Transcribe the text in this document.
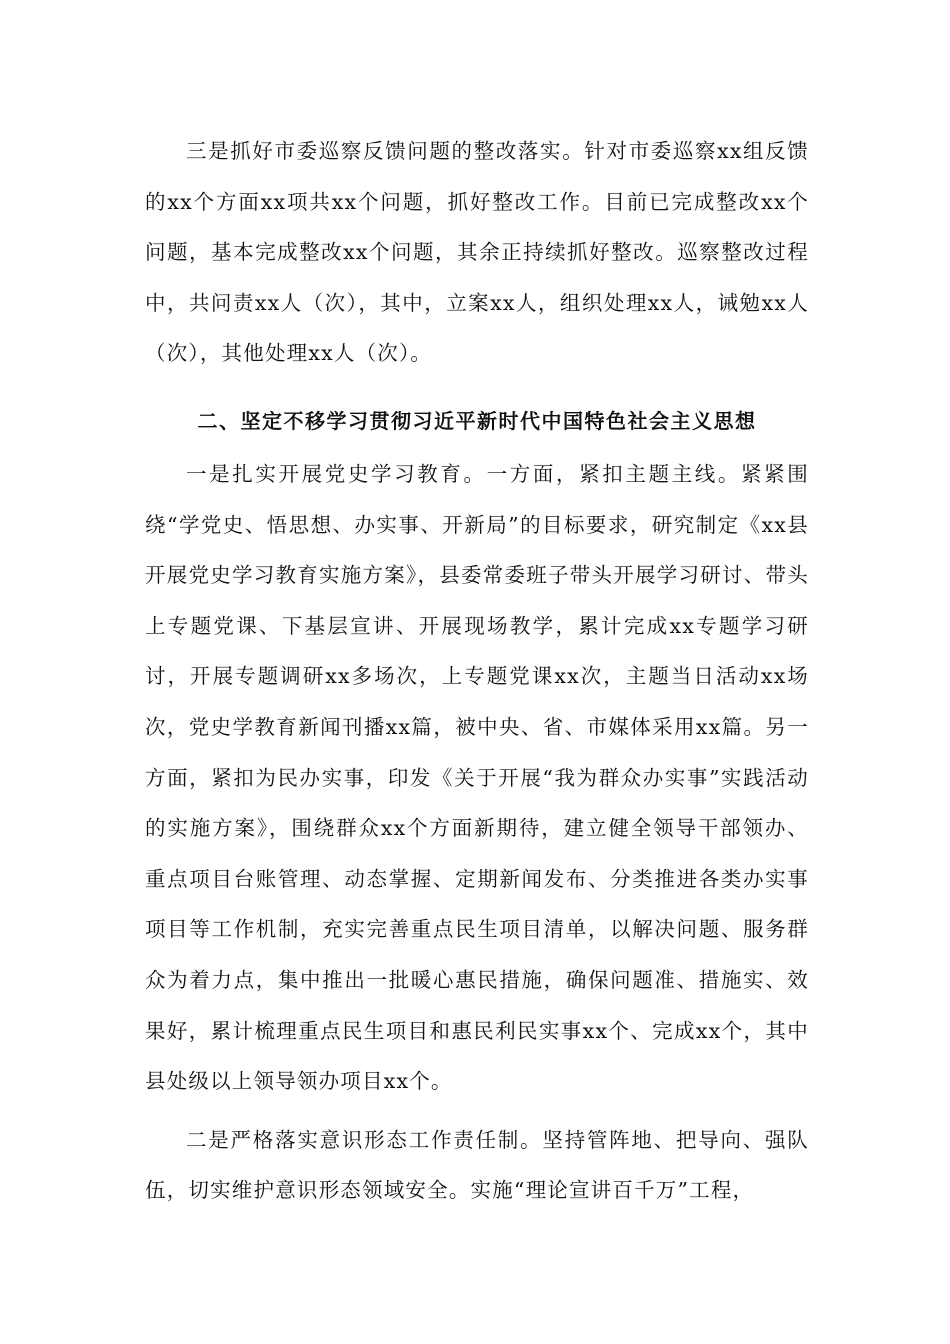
三是抓好市委巡察反馈问题的整改落实。针对市委巡察xx组反馈的xx个方面xx项共xx个问题，抓好整改工作。目前已完成整改xx个问题，基本完成整改xx个问题，其余正持续抓好整改。巡察整改过程中，共问责xx人（次），其中，立案xx人，组织处理xx人，诫勉xx人（次），其他处理xx人（次）。

二、坚定不移学习贯彻习近平新时代中国特色社会主义思想

一是扎实开展党史学习教育。一方面，紧扣主题主线。紧紧围绕“学党史、悟思想、办实事、开新局”的目标要求，研究制定《xx县开展党史学习教育实施方案》，县委常委班子带头开展学习研讨、带头上专题党课、下基层宣讲、开展现场教学，累计完成xx专题学习研讨，开展专题调研xx多场次，上专题党课xx次，主题当日活动xx场次，党史学教育新闻刊播xx篇，被中央、省、市媒体采用xx篇。另一方面，紧扣为民办实事，印发《关于开展“我为群众办实事”实践活动的实施方案》，围绕群众xx个方面新期待，建立健全领导干部领办、重点项目台账管理、动态掌握、定期新闻发布、分类推进各类办实事项目等工作机制，充实完善重点民生项目清单，以解决问题、服务群众为着力点，集中推出一批暖心惠民措施，确保问题准、措施实、效果好，累计梳理重点民生项目和惠民利民实事xx个、完成xx个，其中县处级以上领导领办项目xx个。

二是严格落实意识形态工作责任制。坚持管阵地、把导向、强队伍，切实维护意识形态领域安全。实施“理论宣讲百千万”工程，
